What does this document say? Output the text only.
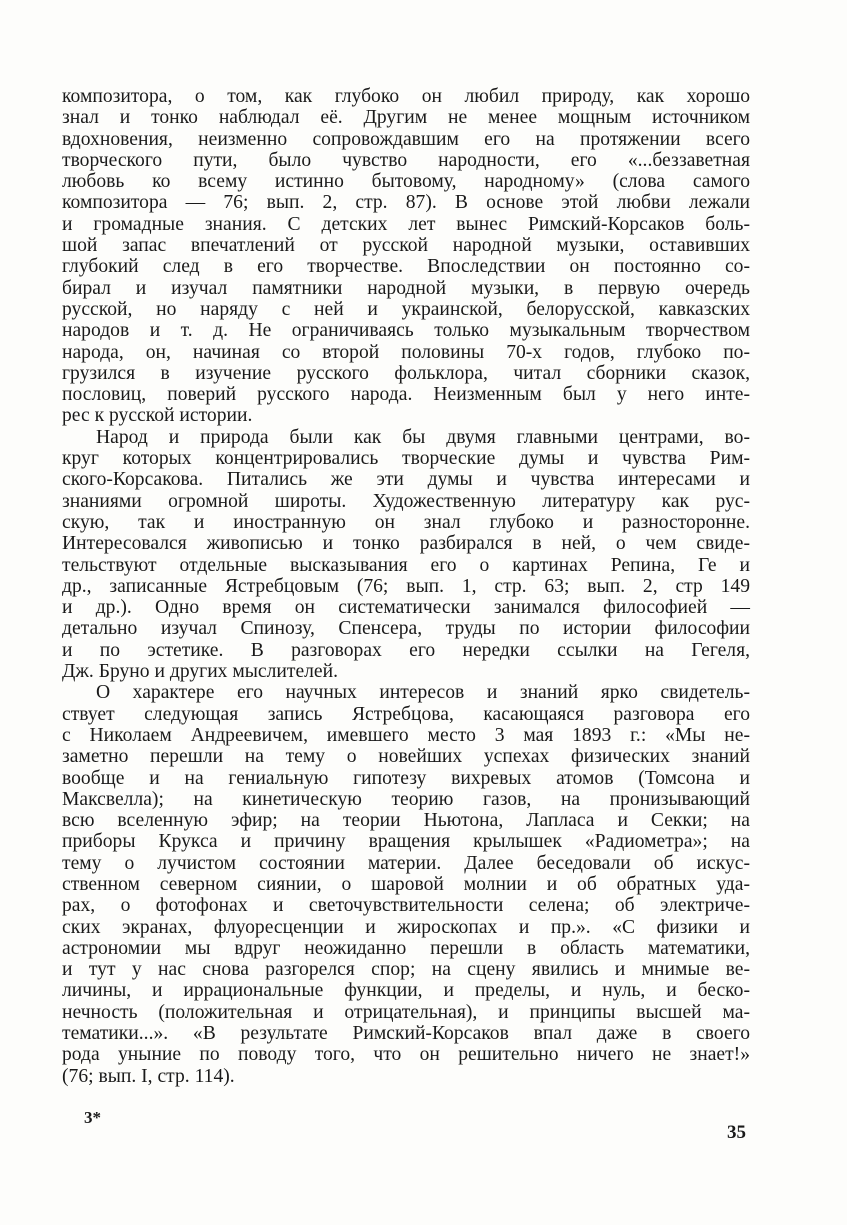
композитора, о том, как глубоко он любил природу, как хорошо
знал и тонко наблюдал её. Другим не менее мощным источником
вдохновения, неизменно сопровождавшим его на протяжении всего
творческого пути, было чувство народности, его «...беззаветная
любовь ко всему истинно бытовому, народному» (слова самого
композитора — 76; вып. 2, стр. 87). В основе этой любви лежали
и громадные знания. С детских лет вынес Римский-Корсаков боль-
шой запас впечатлений от русской народной музыки, оставивших
глубокий след в его творчестве. Впоследствии он постоянно со-
бирал и изучал памятники народной музыки, в первую очередь
русской, но наряду с ней и украинской, белорусской, кавказских
народов и т. д. Не ограничиваясь только музыкальным творчеством
народа, он, начиная со второй половины 70-х годов, глубоко по-
грузился в изучение русского фольклора, читал сборники сказок,
пословиц, поверий русского народа. Неизменным был у него инте-
рес к русской истории.
Народ и природа были как бы двумя главными центрами, во-
круг которых концентрировались творческие думы и чувства Рим-
ского-Корсакова. Питались же эти думы и чувства интересами и
знаниями огромной широты. Художественную литературу как рус-
скую, так и иностранную он знал глубоко и разносторонне.
Интересовался живописью и тонко разбирался в ней, о чем свиде-
тельствуют отдельные высказывания его о картинах Репина, Ге и
др., записанные Ястребцовым (76; вып. 1, стр. 63; вып. 2, стр 149
и др.). Одно время он систематически занимался философией —
детально изучал Спинозу, Спенсера, труды по истории философии
и по эстетике. В разговорах его нередки ссылки на Гегеля,
Дж. Бруно и других мыслителей.
О характере его научных интересов и знаний ярко свидетель-
ствует следующая запись Ястребцова, касающаяся разговора его
с Николаем Андреевичем, имевшего место 3 мая 1893 г.: «Мы не-
заметно перешли на тему о новейших успехах физических знаний
вообще и на гениальную гипотезу вихревых атомов (Томсона и
Максвелла); на кинетическую теорию газов, на пронизывающий
всю вселенную эфир; на теории Ньютона, Лапласа и Секки; на
приборы Крукса и причину вращения крылышек «Радиометра»; на
тему о лучистом состоянии материи. Далее беседовали об искус-
ственном северном сиянии, о шаровой молнии и об обратных уда-
рах, о фотофонах и светочувствительности селена; об электриче-
ских экранах, флуоресценции и жироскопах и пр.». «С физики и
астрономии мы вдруг неожиданно перешли в область математики,
и тут у нас снова разгорелся спор; на сцену явились и мнимые ве-
личины, и иррациональные функции, и пределы, и нуль, и беско-
нечность (положительная и отрицательная), и принципы высшей ма-
тематики...». «В результате Римский-Корсаков впал даже в своего
рода уныние по поводу того, что он решительно ничего не знает!»
(76; вып. I, стр. 114).
3*
35
